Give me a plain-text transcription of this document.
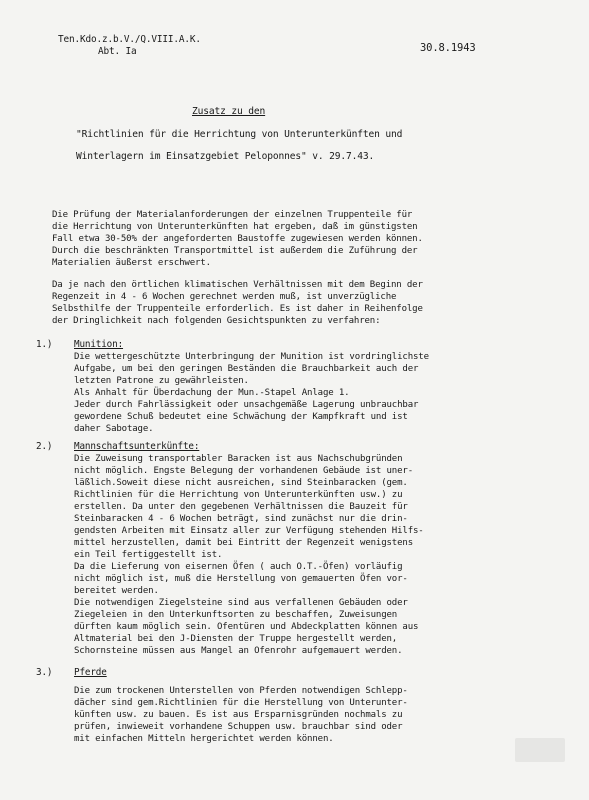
Ten.Kdo.z.b.V./Q.VIII.A.K.
Abt. Ia	30.8.1943
Zusatz zu den
"Richtlinien für die Herrichtung von Unterunterkünften und
Winterlagern im Einsatzgebiet Peloponnes" v. 29.7.43.
Die Prüfung der Materialanforderungen der einzelnen Truppenteile für
die Herrichtung von Unterunterkünften hat ergeben, daß im günstigsten
Fall etwa 30-50% der angeforderten Baustoffe zugewiesen werden können.
Durch die beschränkten Transportmittel ist außerdem die Zuführung der
Materialien äußerst erschwert.
Da je nach den örtlichen klimatischen Verhältnissen mit dem Beginn der
Regenzeit in 4 - 6 Wochen gerechnet werden muß, ist unverzügliche
Selbsthilfe der Truppenteile erforderlich. Es ist daher in Reihenfolge
der Dringlichkeit nach folgenden Gesichtspunkten zu verfahren:
1.) Munition:
Die wettergeschützte Unterbringung der Munition ist vordringlichste
Aufgabe, um bei den geringen Beständen die Brauchbarkeit auch der
letzten Patrone zu gewährleisten.
Als Anhalt für Überdachung der Mun.-Stapel Anlage 1.
Jeder durch Fahrlässigkeit oder unsachgemäße Lagerung unbrauchbar
gewordene Schuß bedeutet eine Schwächung der Kampfkraft und ist
daher Sabotage.
2.) Mannschaftsunterkünfte:
Die Zuweisung transportabler Baracken ist aus Nachschubgründen
nicht möglich. Engste Belegung der vorhandenen Gebäude ist uner-
läßlich.Soweit diese nicht ausreichen, sind Steinbaracken (gem.
Richtlinien für die Herrichtung von Unterunterkünften usw.) zu
erstellen. Da unter den gegebenen Verhältnissen die Bauzeit für
Steinbaracken 4 - 6 Wochen beträgt, sind zunächst nur die drin-
gendsten Arbeiten mit Einsatz aller zur Verfügung stehenden Hilfs-
mittel herzustellen, damit bei Eintritt der Regenzeit wenigstens
ein Teil fertiggestellt ist.
Da die Lieferung von eisernen Öfen ( auch O.T.-Öfen) vorläufig
nicht möglich ist, muß die Herstellung von gemauerten Öfen vor-
bereitet werden.
Die notwendigen Ziegelsteine sind aus verfallenen Gebäuden oder
Ziegeleien in den Unterkunftsorten zu beschaffen, Zuweisungen
dürften kaum möglich sein. Ofentüren und Abdeckplatten können aus
Altmaterial bei den J-Diensten der Truppe hergestellt werden,
Schornsteine müssen aus Mangel an Ofenrohr aufgemauert werden.
3.) Pferde
Die zum trockenen Unterstellen von Pferden notwendigen Schlepp-
dächer sind gem.Richtlinien für die Herstellung von Unterunter-
künften usw. zu bauen. Es ist aus Ersparnisgründen nochmals zu
prüfen, inwieweit vorhandene Schuppen usw. brauchbar sind oder
mit einfachen Mitteln hergerichtet werden können.
